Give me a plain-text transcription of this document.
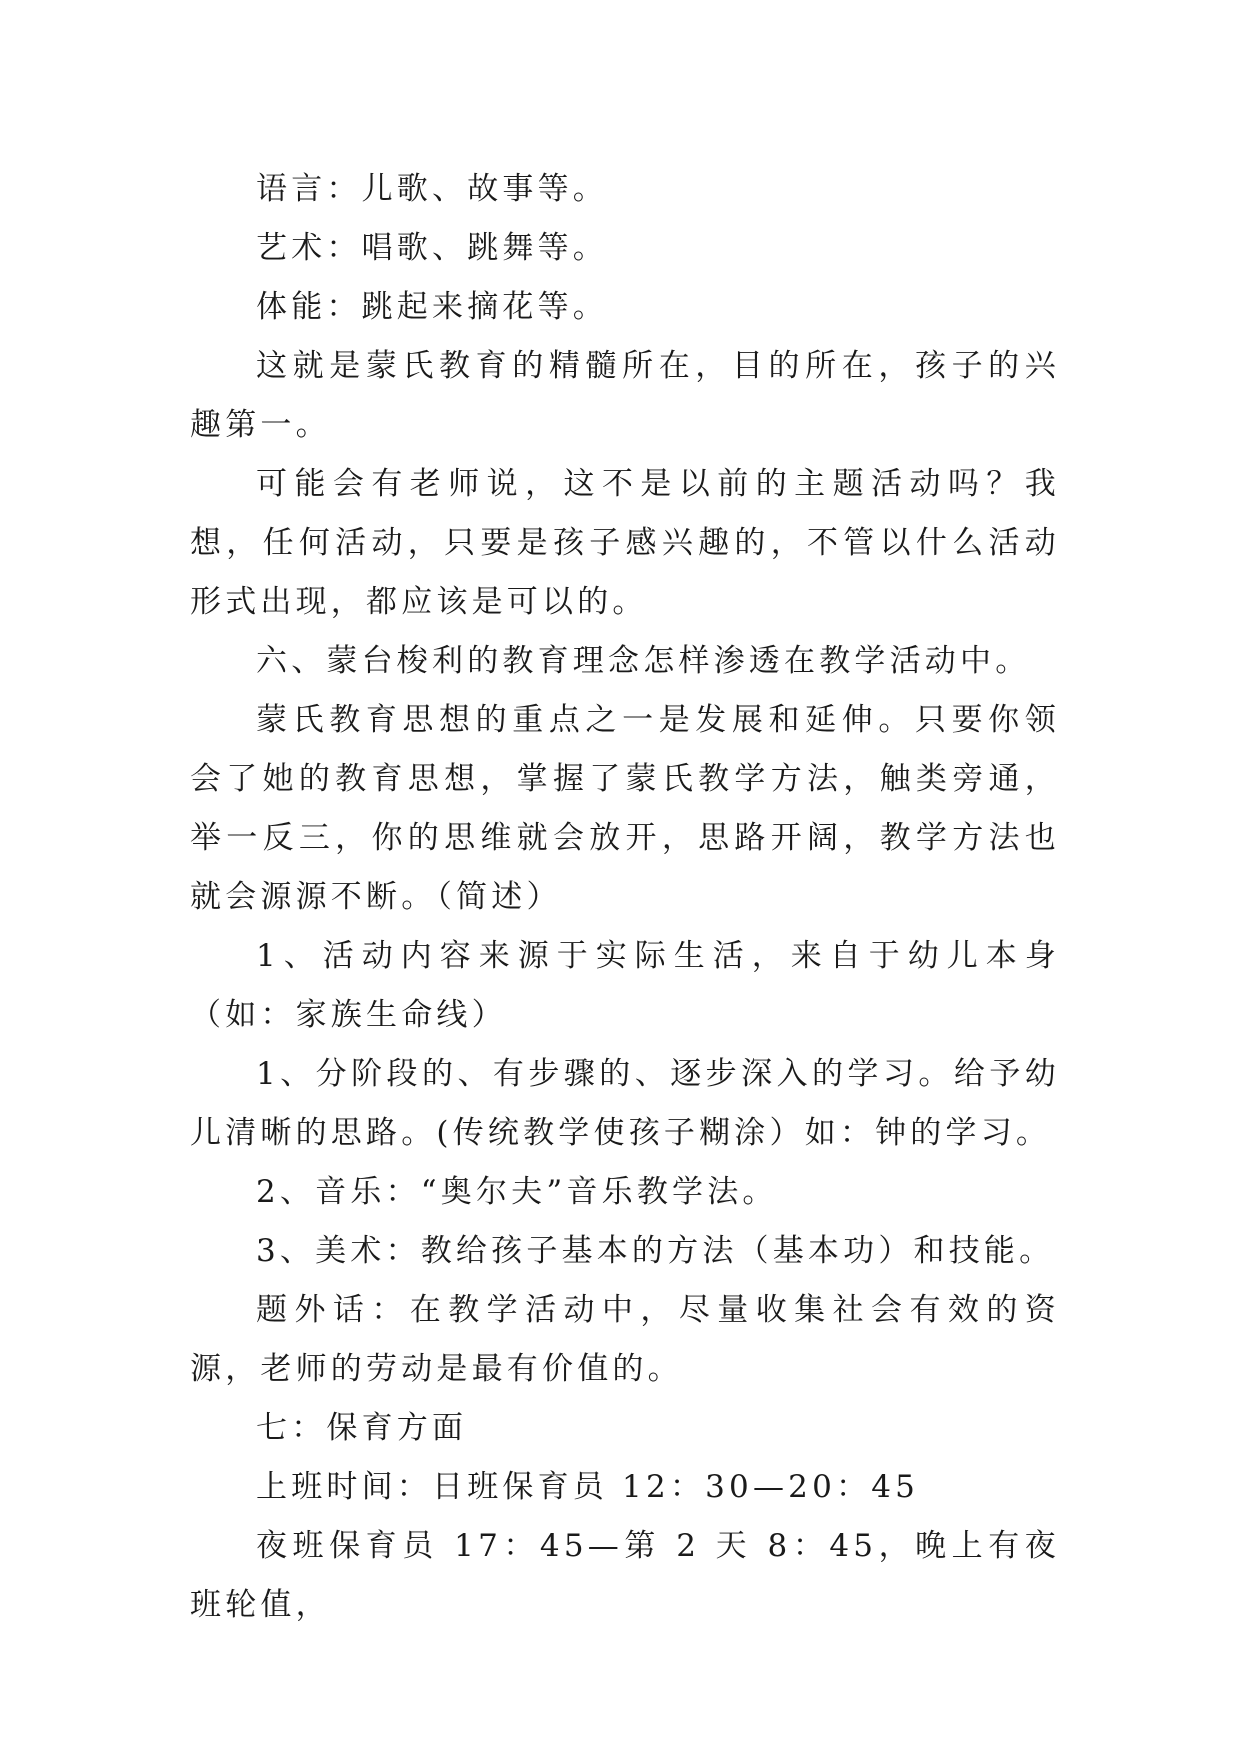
语言：儿歌、故事等。

艺术：唱歌、跳舞等。

体能：跳起来摘花等。

这就是蒙氏教育的精髓所在，目的所在，孩子的兴趣第一。

可能会有老师说，这不是以前的主题活动吗？我想，任何活动，只要是孩子感兴趣的，不管以什么活动形式出现，都应该是可以的。

六、蒙台梭利的教育理念怎样渗透在教学活动中。

蒙氏教育思想的重点之一是发展和延伸。只要你领会了她的教育思想，掌握了蒙氏教学方法，触类旁通，举一反三，你的思维就会放开，思路开阔，教学方法也就会源源不断。（简述）

1、活动内容来源于实际生活，来自于幼儿本身（如：家族生命线）

1、分阶段的、有步骤的、逐步深入的学习。给予幼儿清晰的思路。(传统教学使孩子糊涂）如：钟的学习。

2、音乐：“奥尔夫”音乐教学法。

3、美术：教给孩子基本的方法（基本功）和技能。

题外话：在教学活动中，尽量收集社会有效的资源，老师的劳动是最有价值的。

七：保育方面

上班时间：日班保育员 12：30—20：45

夜班保育员 17：45—第 2 天 8：45，晚上有夜班轮值，
